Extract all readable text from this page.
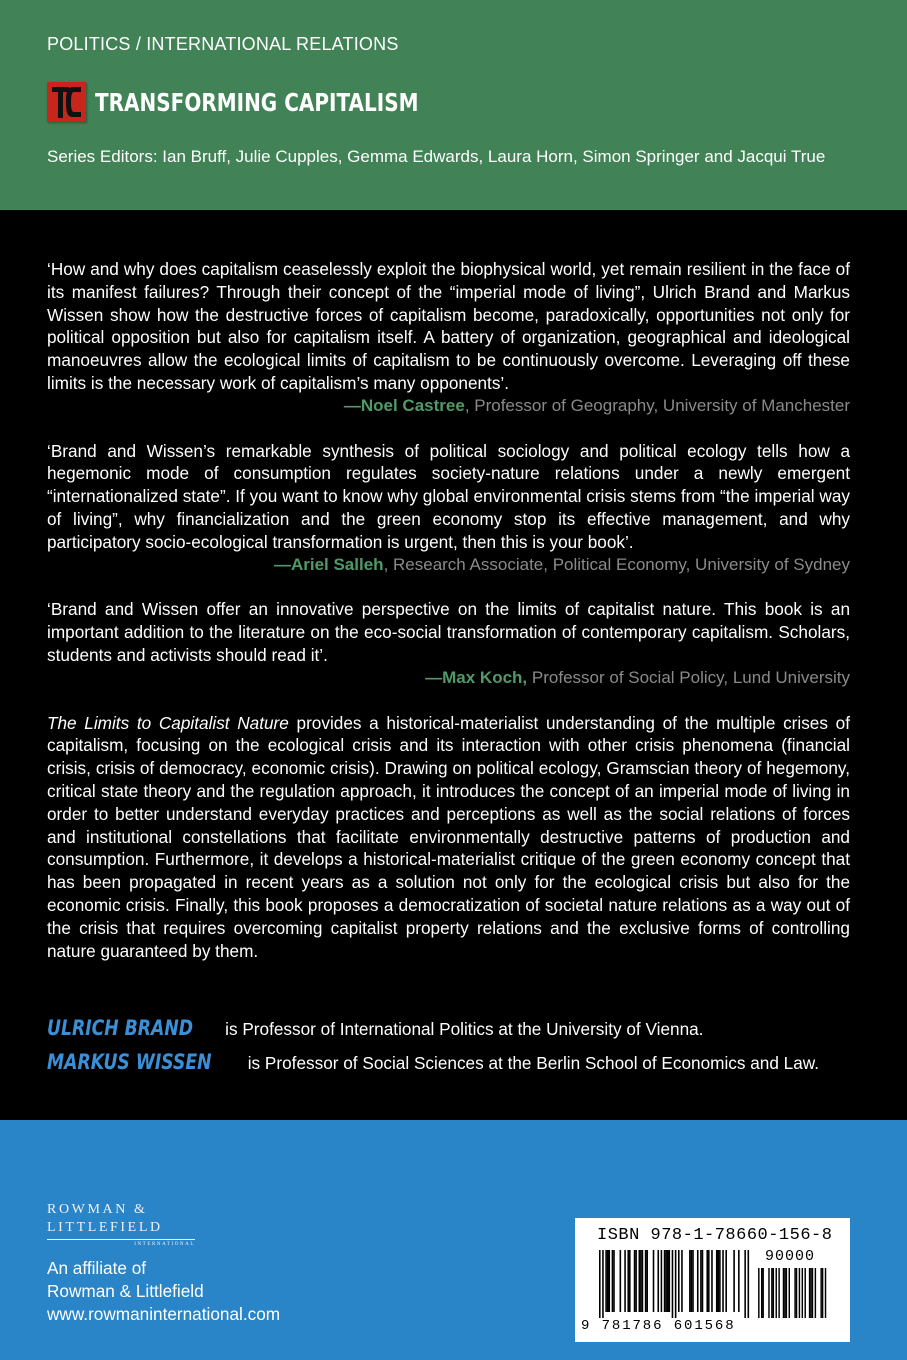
POLITICS / INTERNATIONAL RELATIONS
TRANSFORMING CAPITALISM
Series Editors: Ian Bruff, Julie Cupples, Gemma Edwards, Laura Horn, Simon Springer and Jacqui True

‘How and why does capitalism ceaselessly exploit the biophysical world, yet remain resilient in the face of its manifest failures? Through their concept of the “imperial mode of living”, Ulrich Brand and Markus Wissen show how the destructive forces of capitalism become, paradoxically, opportunities not only for political opposition but also for capitalism itself. A battery of organization, geographical and ideological manoeuvres allow the ecological limits of capitalism to be continuously overcome. Leveraging off these limits is the necessary work of capitalism’s many opponents’.

—Noel Castree, Professor of Geography, University of Manchester

‘Brand and Wissen’s remarkable synthesis of political sociology and political ecology tells how a hegemonic mode of consumption regulates society-nature relations under a newly emergent “internationalized state”. If you want to know why global environmental crisis stems from “the imperial way of living”, why financialization and the green economy stop its effective management, and why participatory socio-ecological transformation is urgent, then this is your book’.

—Ariel Salleh, Research Associate, Political Economy, University of Sydney

‘Brand and Wissen offer an innovative perspective on the limits of capitalist nature. This book is an important addition to the literature on the eco-social transformation of contemporary capitalism. Scholars, students and activists should read it’.

—Max Koch, Professor of Social Policy, Lund University

The Limits to Capitalist Nature provides a historical-materialist understanding of the multiple crises of capitalism, focusing on the ecological crisis and its interaction with other crisis phenomena (financial crisis, crisis of democracy, economic crisis). Drawing on political ecology, Gramscian theory of hegemony, critical state theory and the regulation approach, it introduces the concept of an imperial mode of living in order to better understand everyday practices and perceptions as well as the social relations of forces and institutional constellations that facilitate environmentally destructive patterns of production and consumption. Furthermore, it develops a historical-materialist critique of the green economy concept that has been propagated in recent years as a solution not only for the ecological crisis but also for the economic crisis. Finally, this book proposes a democratization of societal nature relations as a way out of the crisis that requires overcoming capitalist property relations and the exclusive forms of controlling nature guaranteed by them.

ULRICH BRAND is Professor of International Politics at the University of Vienna.
MARKUS WISSEN is Professor of Social Sciences at the Berlin School of Economics and Law.
ROWMAN &
LITTLEFIELD
INTERNATIONAL
An affiliate of
Rowman & Littlefield
www.rowmaninternational.com
ISBN 978-1-78660-156-8
90000
9 781786 601568
